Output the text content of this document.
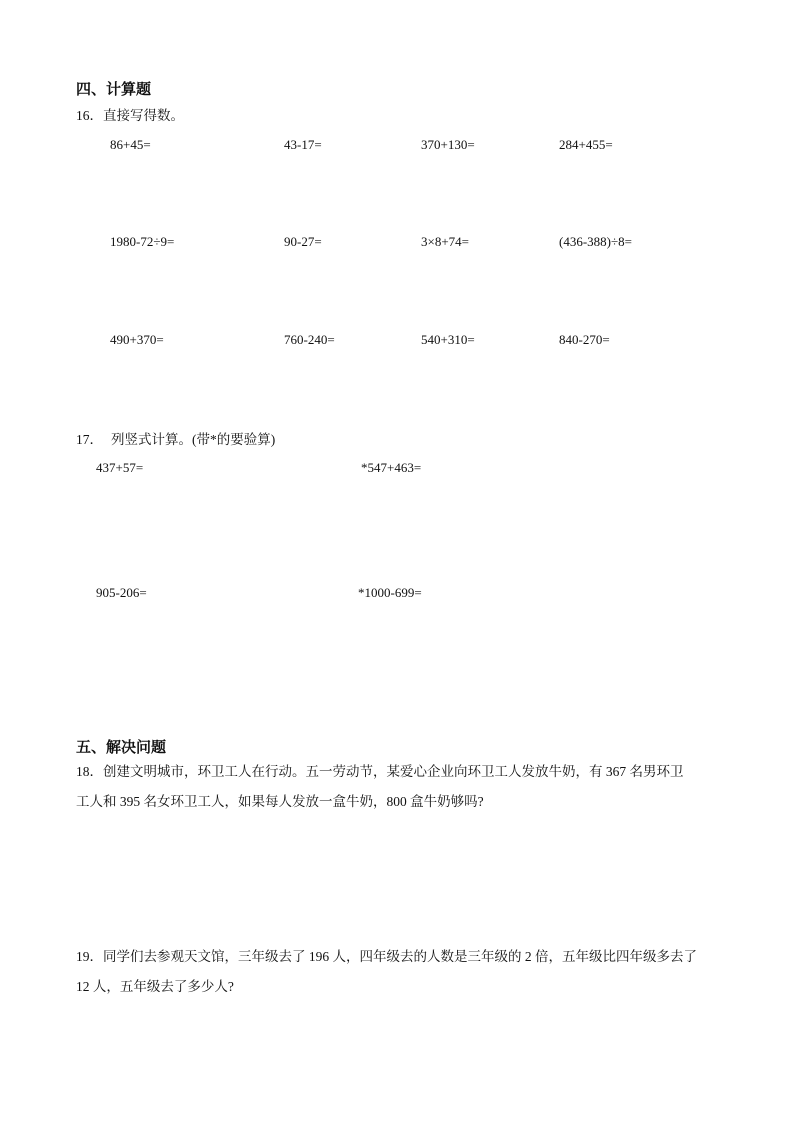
四、计算题
16．直接写得数。
86+45=	43-17=	370+130=	284+455=
1980-72÷9=	90-27=	3×8+74=	(436-388)÷8=
490+370=	760-240=	540+310=	840-270=
17． 列竖式计算。(带*的要验算)
437+57=	*547+463=
905-206=	*1000-699=
五、解决问题
18．创建文明城市，环卫工人在行动。五一劳动节，某爱心企业向环卫工人发放牛奶，有 367 名男环卫
工人和 395 名女环卫工人，如果每人发放一盒牛奶，800 盒牛奶够吗?
19．同学们去参观天文馆，三年级去了 196 人，四年级去的人数是三年级的 2 倍，五年级比四年级多去了
12 人，五年级去了多少人?
